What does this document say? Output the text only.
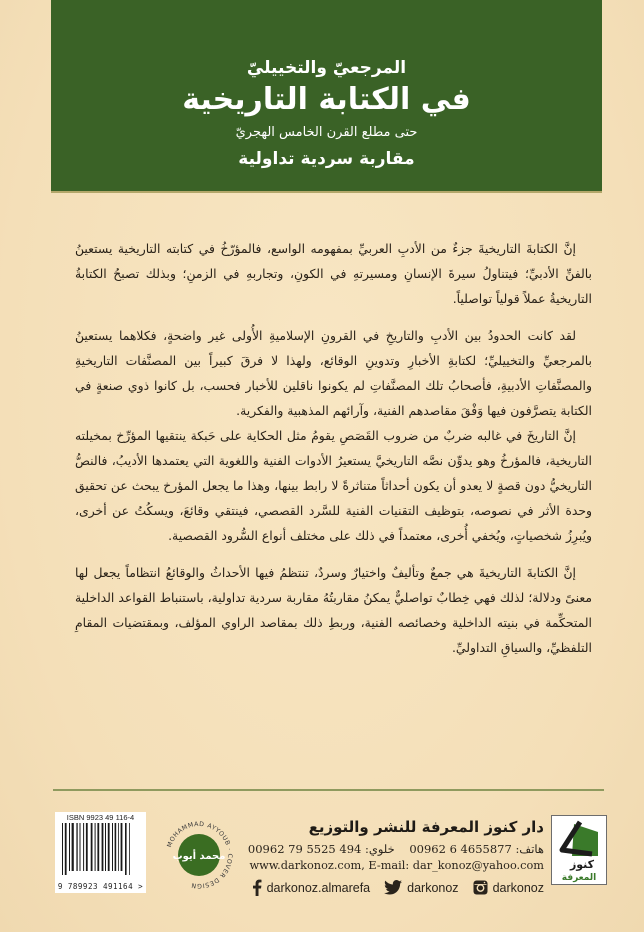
المرجعيّ والتخييليّ
في الكتابة التاريخية
حتى مطلع القرن الخامس الهجريّ
مقاربة سردية تداولية

إنَّ الكتابةَ التاريخيةَ جزءٌ من الأدبِ العربيِّ بمفهومه الواسع، فالمؤرّخُ في كتابته التاريخية يستعينُ بالفنِّ الأدبيِّ؛ فيتناولُ سيرةَ الإنسانِ ومسيرتهِ في الكونِ، وتجاربهِ في الزمنِ؛ وبذلك تصبحُ الكتابةُ التاريخيةُ عملاً قولياً تواصلياً.

لقد كانت الحدودُ بين الأدبِ والتاريخِ في القرونِ الإسلاميةِ الأُولى غير واضحةٍ، فكلاهما يستعينُ بالمرجعيِّ والتخييليِّ؛ لكتابةِ الأخبارِ وتدوينِ الوقائع، ولهذا لا فرقَ كبيراً بين المصنَّفات التاريخيةِ والمصنَّفاتِ الأدبيةِ، فأصحابُ تلك المصنَّفاتِ لم يكونوا ناقلين للأخبار فحسب، بل كانوا ذوي صنعةٍ في الكتابة يتصرَّفون فيها وَفْقَ مقاصدهم الفنية، وآرائهم المذهبية والفكرية.

إنَّ التاريخَ في غالبه ضربٌ من ضروب القَصَصِ يقومُ مثل الحكاية على حَبكة ينتقيها المؤرِّخ بمخيلته التاريخية، فالمؤرخُ وهو يدوِّن نصَّه التاريخيَّ يستعيرُ الأدوات الفنية واللغوية التي يعتمدها الأديبُ، فالنصُّ التاريخيُّ دون قصةٍ لا يعدو أن يكون أحداثاً متناثرةً لا رابط بينها، وهذا ما يجعل المؤرخ يبحث عن تحقيق وحدة الأثر في نصوصه، بتوظيف التقنيات الفنية للسَّرد القصصي، فينتقي وقائعَ، ويسكُتُ عن أخرى، ويُبرِزُ شخصياتٍ، ويُخفي أُخرى، معتمداً في ذلك على مختلف أنواع السُّرود القصصية.

إنَّ الكتابةَ التاريخيةَ هي جمعٌ وتأليفٌ واختيارٌ وسردٌ، تنتظمُ فيها الأحداثُ والوقائعُ انتظاماً يجعل لها معنىً ودلالة؛ لذلك فهي خِطابٌ تواصليٌّ يمكنُ مقاربتُهُ مقاربة سردية تداولية، باستنباط القواعد الداخلية المتحكِّمة في بنيته الداخلية وخصائصه الفنية، وربطِ ذلك بمقاصد الراوي المؤلف، وبمقتضيات المقامِ التلفظيِّ، والسياقِ التداوليِّ.

كنوز
المعرفة
دار كنوز المعرفة للنشر والتوزيع
هاتف: 00962 6 4655877    خلوي: 00962 79 5525 494
www.darkonoz.com, E-mail: dar_konoz@yahoo.com
darkonoz.almarefa	darkonoz	darkonoz
ISBN 9923 49 116-4
9 789923 491164 >
MOHAMMAD AYYOUB · COVER DESIGN
محمد أيوب
